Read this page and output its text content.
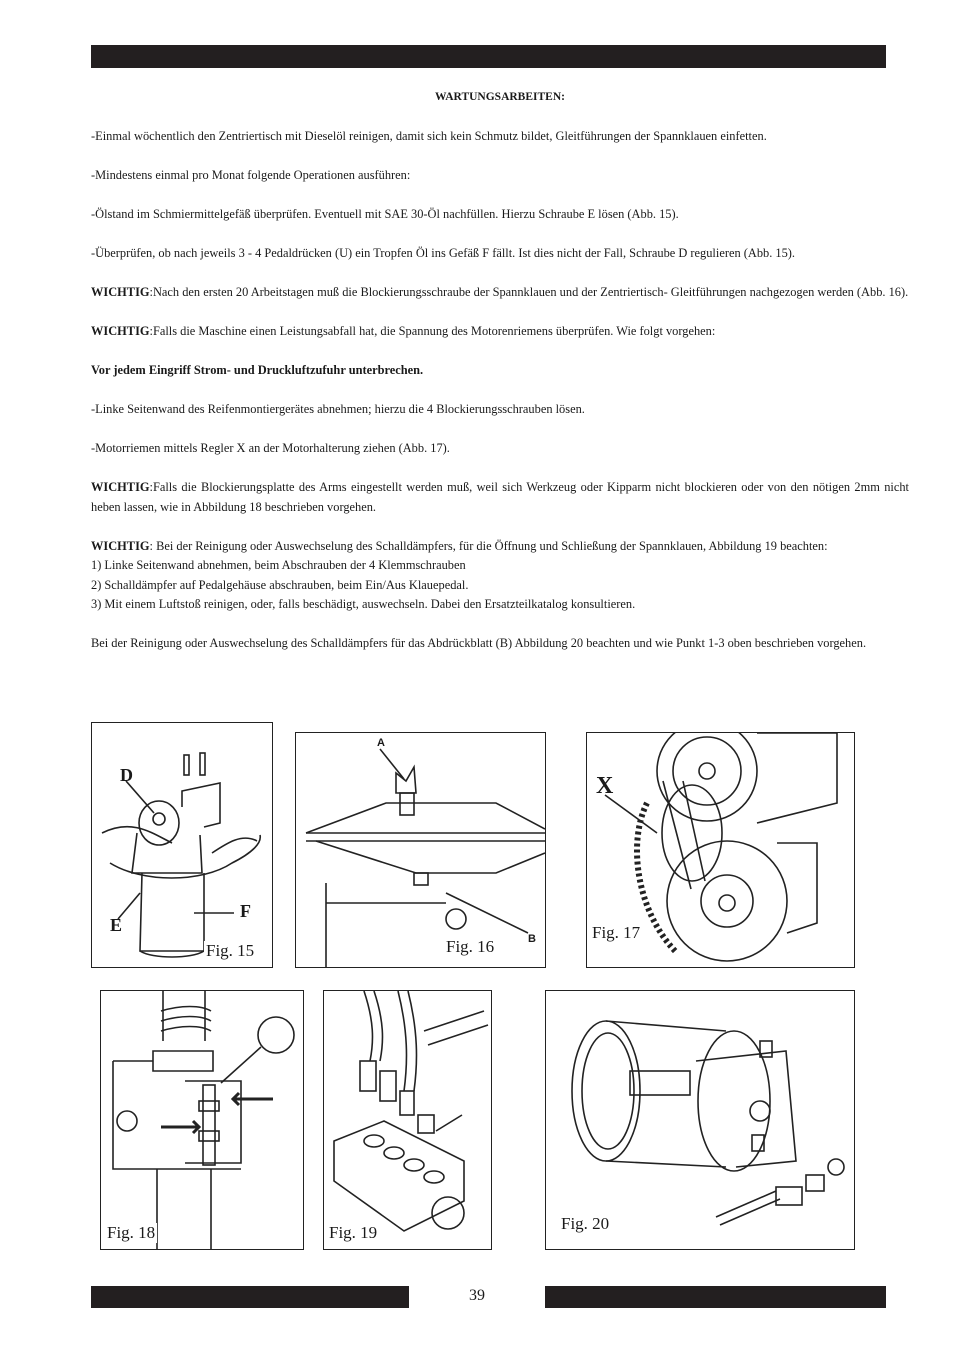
WARTUNGSARBEITEN:

-Einmal wöchentlich den Zentriertisch mit Dieselöl reinigen, damit sich kein Schmutz bildet, Gleitführungen der Spannklauen einfetten.

-Mindestens einmal pro Monat folgende Operationen ausführen:

-Ölstand im Schmiermittelgefäß überprüfen. Eventuell mit SAE 30-Öl nachfüllen. Hierzu Schraube E lösen (Abb. 15).

-Überprüfen, ob nach jeweils 3 - 4 Pedaldrücken (U) ein Tropfen Öl ins Gefäß F fällt. Ist dies nicht der Fall, Schraube D regulieren (Abb. 15).

WICHTIG:Nach den ersten 20 Arbeitstagen muß die Blockierungsschraube der Spannklauen und der Zentriertisch- Gleitführungen nachgezogen werden (Abb. 16).

WICHTIG:Falls die Maschine einen Leistungsabfall hat, die Spannung des Motorenriemens überprüfen. Wie folgt vorgehen:

Vor jedem Eingriff Strom- und Druckluftzufuhr unterbrechen.

-Linke Seitenwand des Reifenmontiergerätes abnehmen; hierzu die 4 Blockierungsschrauben lösen.

-Motorriemen mittels Regler X an der Motorhalterung ziehen (Abb. 17).

WICHTIG:Falls die Blockierungsplatte des Arms eingestellt werden muß, weil sich Werkzeug oder Kipparm nicht blockieren oder von den nötigen 2mm nicht heben lassen, wie in Abbildung 18 beschrieben vorgehen.

WICHTIG: Bei der Reinigung oder Auswechselung des Schalldämpfers, für die Öffnung und Schließung der Spannklauen, Abbildung 19 beachten:
1) Linke Seitenwand abnehmen, beim Abschrauben der 4 Klemmschrauben
2) Schalldämpfer auf Pedalgehäuse abschrauben, beim Ein/Aus Klauepedal.
3) Mit einem Luftstoß reinigen, oder, falls beschädigt, auswechseln. Dabei den Ersatzteilkatalog konsultieren.

Bei der Reinigung oder Auswechselung des Schalldämpfers für das Abdrückblatt (B) Abbildung 20 beachten und wie Punkt 1-3 oben beschrieben vorgehen.

D
E
F
Fig. 15
A
B
Fig. 16
X
Fig. 17
Fig. 18	Fig. 19	Fig. 20
39
